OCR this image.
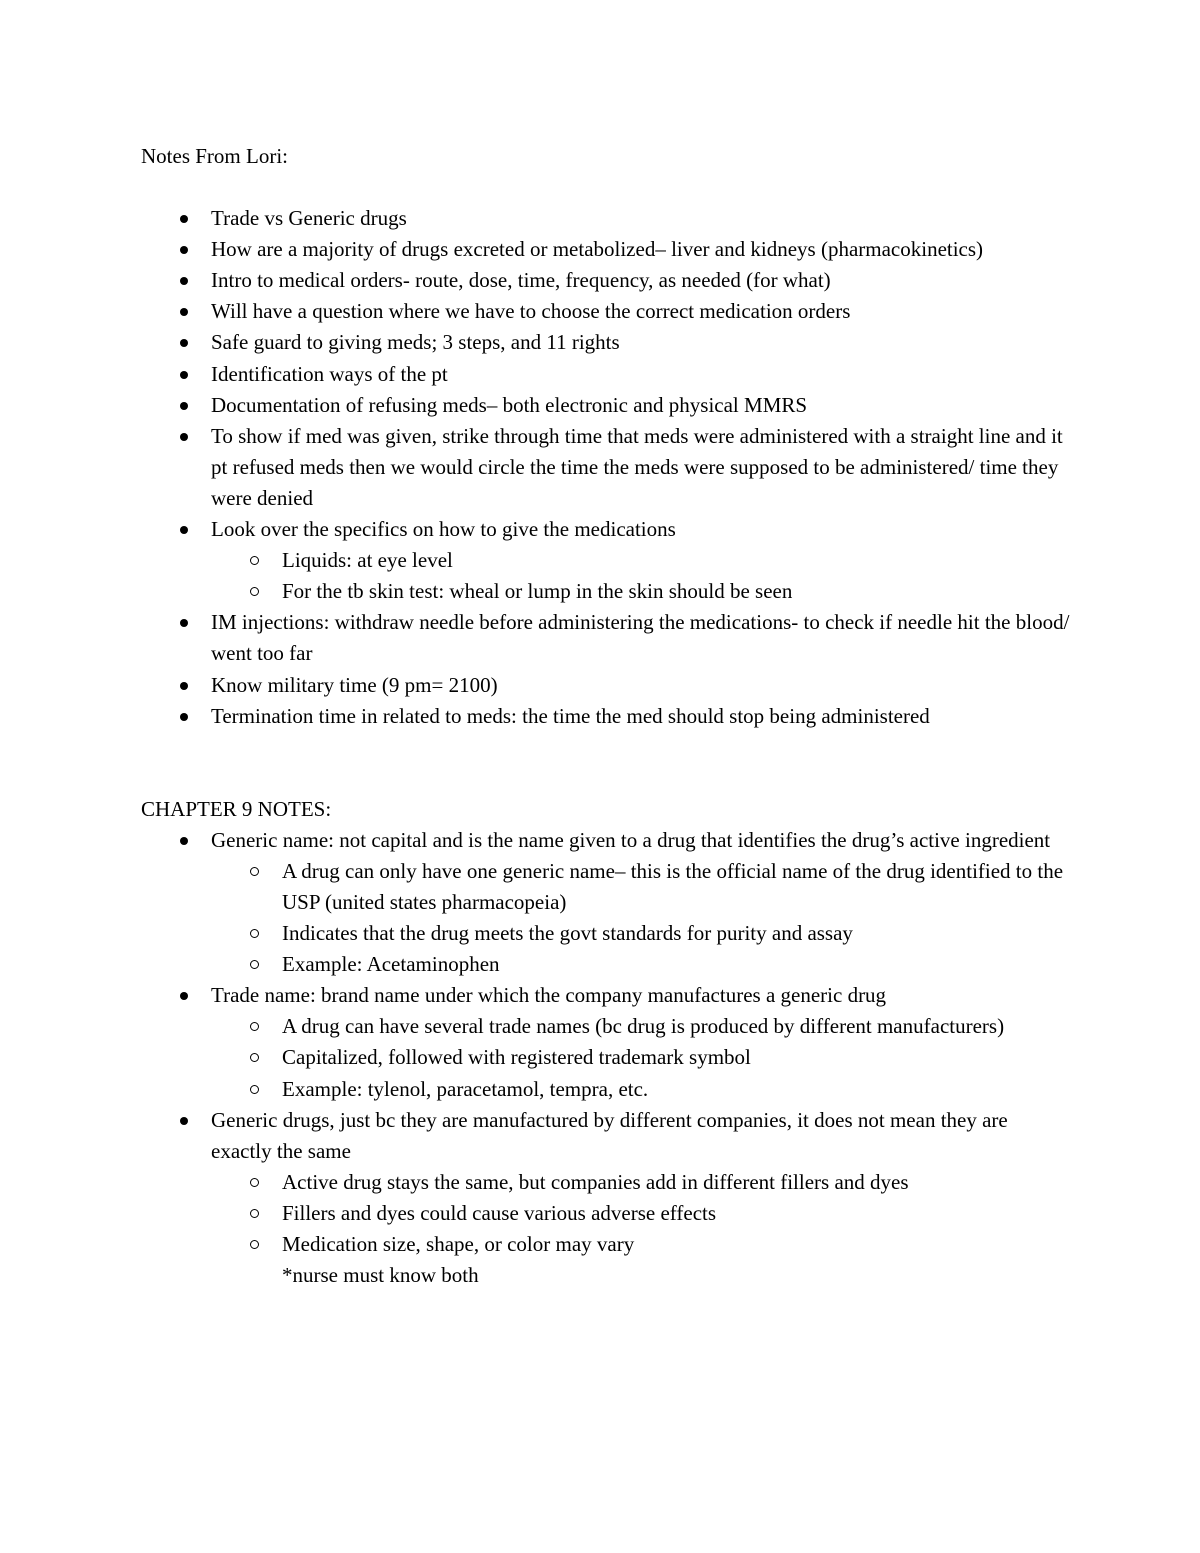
Notes From Lori:

Trade vs Generic drugs
How are a majority of drugs excreted or metabolized– liver and kidneys (pharmacokinetics)
Intro to medical orders- route, dose, time, frequency, as needed (for what)
Will have a question where we have to choose the correct medication orders
Safe guard to giving meds; 3 steps, and 11 rights
Identification ways of the pt
Documentation of refusing meds– both electronic and physical MMRS
To show if med was given, strike through time that meds were administered with a straight line and it pt refused meds then we would circle the time the meds were supposed to be administered/ time they were denied
Look over the specifics on how to give the medications
Liquids: at eye level
For the tb skin test: wheal or lump in the skin should be seen
IM injections: withdraw needle before administering the medications- to check if needle hit the blood/ went too far
Know military time (9 pm= 2100)
Termination time in related to meds: the time the med should stop being administered

CHAPTER 9 NOTES:

Generic name: not capital and is the name given to a drug that identifies the drug’s active ingredient
A drug can only have one generic name– this is the official name of the drug identified to the USP (united states pharmacopeia)
Indicates that the drug meets the govt standards for purity and assay
Example: Acetaminophen
Trade name: brand name under which the company manufactures a generic drug
A drug can have several trade names (bc drug is produced by different manufacturers)
Capitalized, followed with registered trademark symbol
Example: tylenol, paracetamol, tempra, etc.
Generic drugs, just bc they are manufactured by different companies, it does not mean they are exactly the same
Active drug stays the same, but companies add in different fillers and dyes
Fillers and dyes could cause various adverse effects
Medication size, shape, or color may vary
*nurse must know both
